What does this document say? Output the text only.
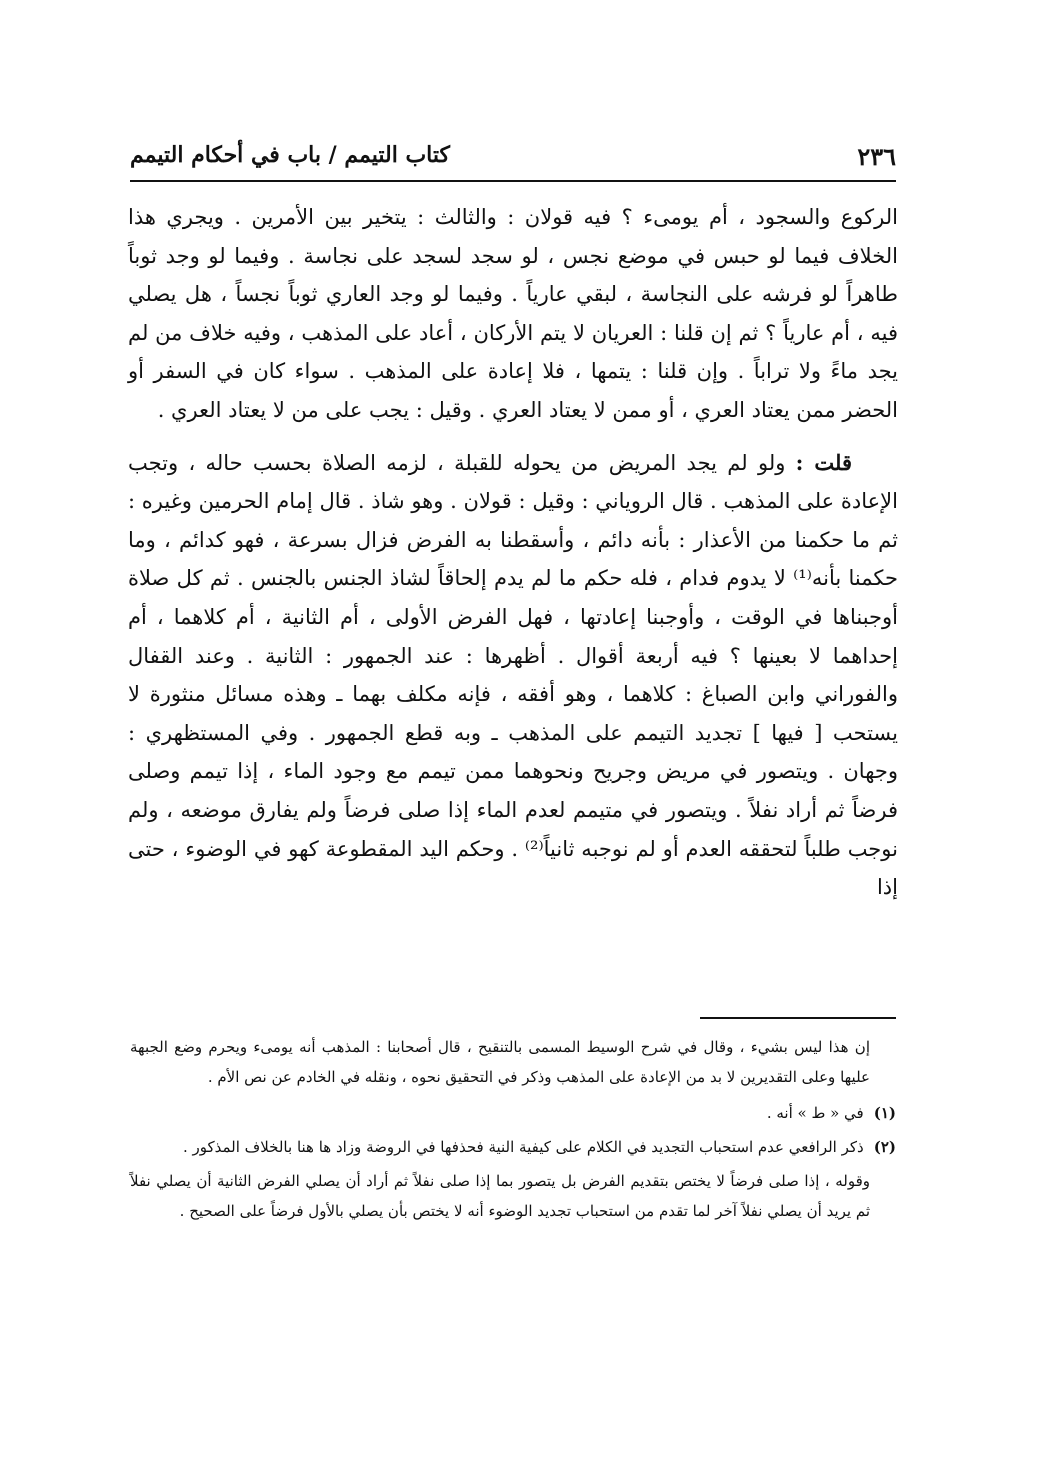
٢٣٦
كتاب التيمم / باب في أحكام التيمم

الركوع والسجود ، أم يومىء ؟ فيه قولان : والثالث : يتخير بين الأمرين . ويجري هذا الخلاف فيما لو حبس في موضع نجس ، لو سجد لسجد على نجاسة . وفيما لو وجد ثوباً طاهراً لو فرشه على النجاسة ، لبقي عارياً . وفيما لو وجد العاري ثوباً نجساً ، هل يصلي فيه ، أم عارياً ؟ ثم إن قلنا : العريان لا يتم الأركان ، أعاد على المذهب ، وفيه خلاف من لم يجد ماءً ولا تراباً . وإن قلنا : يتمها ، فلا إعادة على المذهب . سواء كان في السفر أو الحضر ممن يعتاد العري ، أو ممن لا يعتاد العري . وقيل : يجب على من لا يعتاد العري .

قلت : ولو لم يجد المريض من يحوله للقبلة ، لزمه الصلاة بحسب حاله ، وتجب الإعادة على المذهب . قال الروياني : وقيل : قولان . وهو شاذ . قال إمام الحرمين وغيره : ثم ما حكمنا من الأعذار : بأنه دائم ، وأسقطنا به الفرض فزال بسرعة ، فهو كدائم ، وما حكمنا بأنه⁽¹⁾ لا يدوم فدام ، فله حكم ما لم يدم إلحاقاً لشاذ الجنس بالجنس . ثم كل صلاة أوجبناها في الوقت ، وأوجبنا إعادتها ، فهل الفرض الأولى ، أم الثانية ، أم كلاهما ، أم إحداهما لا بعينها ؟ فيه أربعة أقوال . أظهرها : عند الجمهور : الثانية . وعند القفال والفوراني وابن الصباغ : كلاهما ، وهو أفقه ، فإنه مكلف بهما ـ وهذه مسائل منثورة لا يستحب [ فيها ] تجديد التيمم على المذهب ـ وبه قطع الجمهور . وفي المستظهري : وجهان . ويتصور في مريض وجريح ونحوهما ممن تيمم مع وجود الماء ، إذا تيمم وصلى فرضاً ثم أراد نفلاً . ويتصور في متيمم لعدم الماء إذا صلى فرضاً ولم يفارق موضعه ، ولم نوجب طلباً لتحققه العدم أو لم نوجبه ثانياً⁽²⁾ . وحكم اليد المقطوعة كهو في الوضوء ، حتى إذا

إن هذا ليس بشيء ، وقال في شرح الوسيط المسمى بالتنقيح ، قال أصحابنا : المذهب أنه يومىء ويحرم وضع الجبهة عليها وعلى التقديرين لا بد من الإعادة على المذهب وذكر في التحقيق نحوه ، ونقله في الخادم عن نص الأم .

(١)
في « ط » أنه .
(٢)
ذكر الرافعي عدم استحباب التجديد في الكلام على كيفية النية فحذفها في الروضة وزاد ها هنا بالخلاف المذكور .

وقوله ، إذا صلى فرضاً لا يختص بتقديم الفرض بل يتصور بما إذا صلى نفلاً ثم أراد أن يصلي الفرض الثانية أن يصلي نفلاً ثم يريد أن يصلي نفلاً آخر لما تقدم من استحباب تجديد الوضوء أنه لا يختص بأن يصلي بالأول فرضاً على الصحيح .
